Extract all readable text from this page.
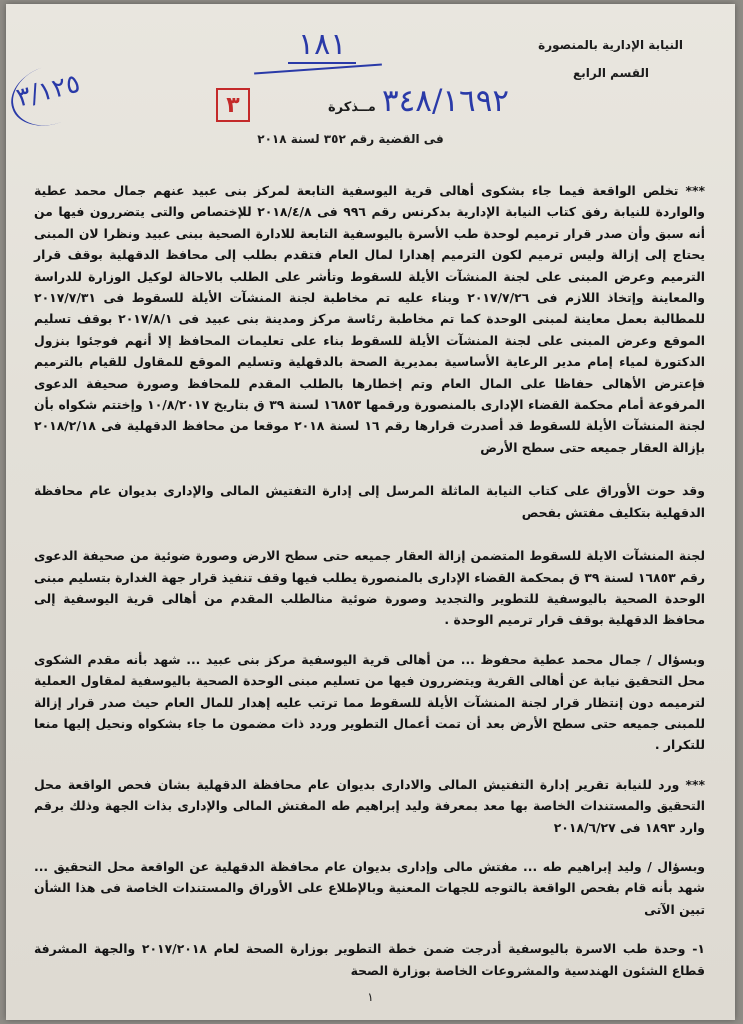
النيابة الإدارية بالمنصورة
القسم الرابع
١٨١
٣٤٨/١٦٩٢
مــذكرة
٣
٣/١٢٥
فى القضية رقم ٣٥٢ لسنة ٢٠١٨

*** تخلص الواقعة فيما جاء بشكوى أهالى قرية اليوسفية التابعة لمركز بنى عبيد عنهم جمال محمد عطية والواردة للنيابة رفق كتاب النيابة الإدارية بدكرنس رقم ٩٩٦ فى ٢٠١٨/٤/٨ للإختصاص والتى يتضررون فيها من أنه سبق وأن صدر قرار ترميم لوحدة طب الأسرة باليوسفية التابعة للادارة الصحية ببنى عبيد ونظرا لان المبنى يحتاج إلى إزالة وليس ترميم لكون الترميم إهدارا لمال العام فتقدم بطلب إلى محافظ الدقهلية بوقف قرار الترميم وعرض المبنى على لجنة المنشآت الأيلة للسقوط وتأشر على الطلب بالاحالة لوكيل الوزارة للدراسة والمعاينة وإتخاذ اللازم فى ٢٠١٧/٧/٢٦ وبناء عليه تم مخاطبة لجنة المنشآت الأيلة للسقوط فى ٢٠١٧/٧/٣١ للمطالبة بعمل معاينة لمبنى الوحدة كما تم مخاطبة رئاسة مركز ومدينة بنى عبيد فى ٢٠١٧/٨/١ بوقف تسليم الموقع وعرض المبنى على لجنة المنشآت الأيلة للسقوط بناء على تعليمات المحافظ إلا أنهم فوجئوا بنزول الدكتورة لمياء إمام مدير الرعاية الأساسية بمديرية الصحة بالدقهلية وتسليم الموقع للمقاول للقيام بالترميم فإعترض الأهالى حفاظا على المال العام وتم إخطارها بالطلب المقدم للمحافظ وصورة صحيفة الدعوى المرفوعة أمام محكمة القضاء الإدارى بالمنصورة ورقمها ١٦٨٥٣ لسنة ٣٩ ق بتاريخ ١٠/٨/٢٠١٧ وإختتم شكواه بأن لجنة المنشآت الأيلة للسقوط قد أصدرت قرارها رقم ١٦ لسنة ٢٠١٨ موقعا من محافظ الدقهلية فى ٢٠١٨/٢/١٨ بإزالة العقار جميعه حتى سطح الأرض

وقد حوت الأوراق على كتاب النيابة الماثلة المرسل إلى إدارة التفتيش المالى والإدارى بديوان عام محافظة الدقهلية بتكليف مفتش بفحص

لجنة المنشآت الايلة للسقوط المتضمن إزالة العقار جميعه حتى سطح الارض وصورة ضوئية من صحيفة الدعوى رقم ١٦٨٥٣ لسنة ٣٩ ق بمحكمة القضاء الإدارى بالمنصورة يطلب فيها وقف تنفيذ قرار جهة الغدارة بتسليم مبنى الوحدة الصحية باليوسفية للتطوير والتجديد وصورة ضوئية منالطلب المقدم من أهالى قرية اليوسفية إلى محافظ الدقهلية بوقف قرار ترميم الوحدة .

وبسؤال / جمال محمد عطية محفوظ ... من أهالى قرية اليوسفية مركز بنى عبيد ... شهد بأنه مقدم الشكوى محل التحقيق نيابة عن أهالى القرية ويتضررون فيها من تسليم مبنى الوحدة الصحية باليوسفية لمقاول العملية لترميمه دون إنتظار قرار لجنة المنشآت الأيلة للسقوط مما ترتب عليه إهدار للمال العام حيث صدر قرار إزالة للمبنى جميعه حتى سطح الأرض بعد أن تمت أعمال التطوير وردد ذات مضمون ما جاء بشكواه ونحيل إليها منعا للتكرار .

*** ورد للنيابة تقرير إدارة التفتيش المالى والادارى بديوان عام محافظة الدقهلية بشان فحص الواقعة محل التحقيق والمستندات الخاصة بها معد بمعرفة وليد إبراهيم طه المفتش المالى والإدارى بذات الجهة وذلك برقم وارد ١٨٩٣ فى ٢٠١٨/٦/٢٧

وبسؤال / وليد إبراهيم طه ... مفتش مالى وإدارى بديوان عام محافظة الدقهلية عن الواقعة محل التحقيق ... شهد بأنه قام بفحص الواقعة بالتوجه للجهات المعنية وبالإطلاع على الأوراق والمستندات الخاصة فى هذا الشأن تبين الآتى

١- وحدة طب الاسرة باليوسفية أدرجت ضمن خطة التطوير بوزارة الصحة لعام ٢٠١٧/٢٠١٨ والجهة المشرفة قطاع الشئون الهندسية والمشروعات الخاصة بوزارة الصحة

١
